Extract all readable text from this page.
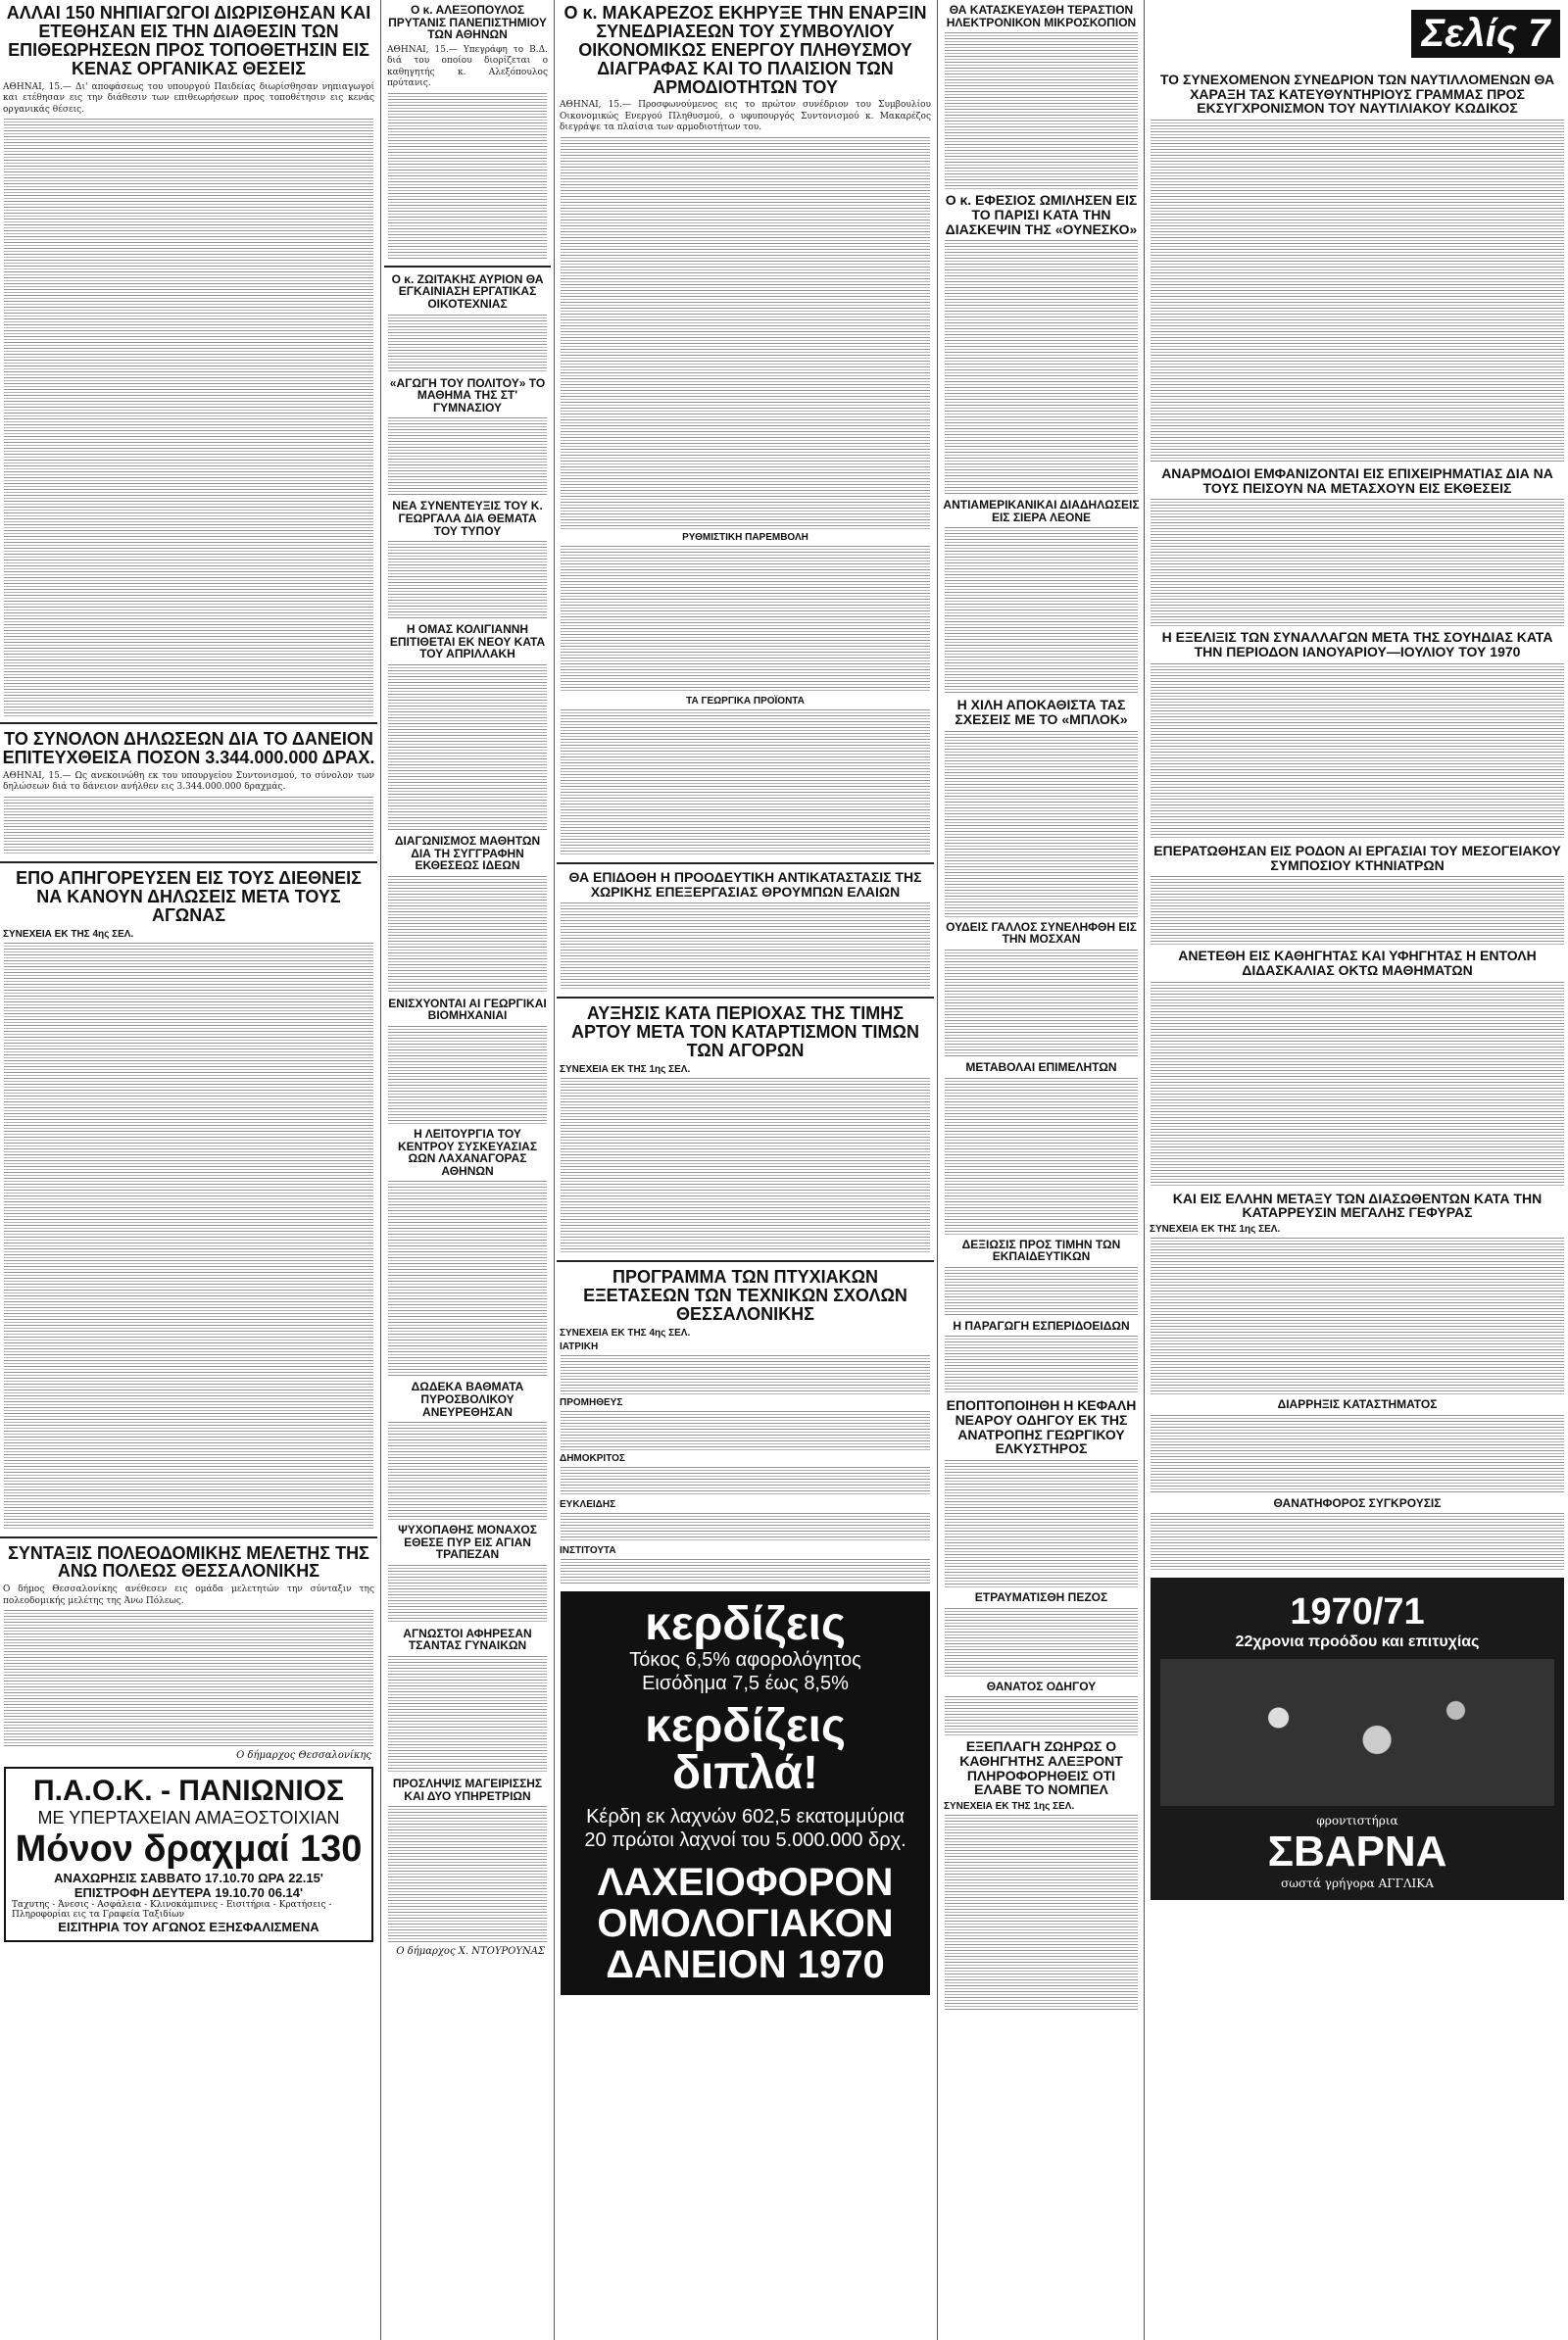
ΑΛΛΑΙ 150 ΝΗΠΙΑΓΩΓΟΙ ΔΙΩΡΙΣΘΗΣΑΝ ΚΑΙ ΕΤΕΘΗΣΑΝ ΕΙΣ ΤΗΝ ΔΙΑΘΕΣΙΝ ΤΩΝ ΕΠΙΘΕΩΡΗΣΕΩΝ ΠΡΟΣ ΤΟΠΟΘΕΤΗΣΙΝ ΕΙΣ ΚΕΝΑΣ ΟΡΓΑΝΙΚΑΣ ΘΕΣΕΙΣ
ΑΘΗΝΑΙ, 15.— Δι' αποφάσεως του υπουργού Παιδείας διωρίσθησαν νηπιαγωγοί και ετέθησαν εις την διάθεσιν των επιθεωρήσεων προς τοποθέτησιν εις κενάς οργανικάς θέσεις.
ΤΟ ΣΥΝΟΛΟΝ ΔΗΛΩΣΕΩΝ ΔΙΑ ΤΟ ΔΑΝΕΙΟΝ ΕΠΙΤΕΥΧΘΕΙΣΑ ΠΟΣΟΝ 3.344.000.000 ΔΡΑΧ.
ΑΘΗΝΑΙ, 15.— Ως ανεκοινώθη εκ του υπουργείου Συντονισμού, το σύνολον των δηλώσεων διά το δάνειον ανήλθεν εις 3.344.000.000 δραχμάς.
ΕΠΟ ΑΠΗΓΟΡΕΥΣΕΝ ΕΙΣ ΤΟΥΣ ΔΙΕΘΝΕΙΣ ΝΑ ΚΑΝΟΥΝ ΔΗΛΩΣΕΙΣ ΜΕΤΑ ΤΟΥΣ ΑΓΩΝΑΣ
ΣΥΝΕΧΕΙΑ ΕΚ ΤΗΣ 4ης ΣΕΛ.
ΣΥΝΤΑΞΙΣ ΠΟΛΕΟΔΟΜΙΚΗΣ ΜΕΛΕΤΗΣ ΤΗΣ ΑΝΩ ΠΟΛΕΩΣ ΘΕΣΣΑΛΟΝΙΚΗΣ
Ο δήμος Θεσσαλονίκης ανέθεσεν εις ομάδα μελετητών την σύνταξιν της πολεοδομικής μελέτης της Άνω Πόλεως.
Ο δήμαρχος Θεσσαλονίκης
Π.Α.Ο.Κ. - ΠΑΝΙΩΝΙΟΣ
ΜΕ ΥΠΕΡΤΑΧΕΙΑΝ ΑΜΑΞΟΣΤΟΙΧΙΑΝ
Μόνον δραχμαί 130
ΑΝΑΧΩΡΗΣΙΣ ΣΑΒΒΑΤΟ 17.10.70 ΩΡΑ 22.15'
ΕΠΙΣΤΡΟΦΗ ΔΕΥΤΕΡΑ 19.10.70 06.14'
Ταχυτης - Άνεσις - Ασφάλεια - Κλινοκάμπινες - Εισιτήρια - Κρατήσεις - Πληροφορίαι εις τα Γραφεία Ταξιδίων
ΕΙΣΙΤΗΡΙΑ ΤΟΥ ΑΓΩΝΟΣ ΕΞΗΣΦΑΛΙΣΜΕΝΑ
Ο κ. ΑΛΕΞΟΠΟΥΛΟΣ ΠΡΥΤΑΝΙΣ ΠΑΝΕΠΙΣΤΗΜΙΟΥ ΤΩΝ ΑΘΗΝΩΝ
ΑΘΗΝΑΙ, 15.— Υπεγράφη το Β.Δ. διά του οποίου διορίζεται ο καθηγητής κ. Αλεξόπουλος πρύτανις.
Ο κ. ΖΩΙΤΑΚΗΣ ΑΥΡΙΟΝ ΘΑ ΕΓΚΑΙΝΙΑΣΗ ΕΡΓΑΤΙΚΑΣ ΟΙΚΟΤΕΧΝΙΑΣ
«ΑΓΩΓΗ ΤΟΥ ΠΟΛΙΤΟΥ» ΤΟ ΜΑΘΗΜΑ ΤΗΣ ΣΤ' ΓΥΜΝΑΣΙΟΥ
ΝΕΑ ΣΥΝΕΝΤΕΥΞΙΣ ΤΟΥ Κ. ΓΕΩΡΓΑΛΑ ΔΙΑ ΘΕΜΑΤΑ ΤΟΥ ΤΥΠΟΥ
Η ΟΜΑΣ ΚΟΛΙΓΙΑΝΝΗ ΕΠΙΤΙΘΕΤΑΙ ΕΚ ΝΕΟΥ ΚΑΤΑ ΤΟΥ ΑΠΡΙΛΛΑΚΗ
ΔΙΑΓΩΝΙΣΜΟΣ ΜΑΘΗΤΩΝ ΔΙΑ ΤΗ ΣΥΓΓΡΑΦΗΝ ΕΚΘΕΣΕΩΣ ΙΔΕΩΝ
ΕΝΙΣΧΥΟΝΤΑΙ ΑΙ ΓΕΩΡΓΙΚΑΙ ΒΙΟΜΗΧΑΝΙΑΙ
Η ΛΕΙΤΟΥΡΓΙΑ ΤΟΥ ΚΕΝΤΡΟΥ ΣΥΣΚΕΥΑΣΙΑΣ ΩΩΝ ΛΑΧΑΝΑΓΟΡΑΣ ΑΘΗΝΩΝ
ΔΩΔΕΚΑ ΒΑΘΜΑΤΑ ΠΥΡΟΣΒΟΛΙΚΟΥ ΑΝΕΥΡΕΘΗΣΑΝ
ΨΥΧΟΠΑΘΗΣ ΜΟΝΑΧΟΣ ΕΘΕΣΕ ΠΥΡ ΕΙΣ ΑΓΙΑΝ ΤΡΑΠΕΖΑΝ
ΑΓΝΩΣΤΟΙ ΑΦΗΡΕΣΑΝ ΤΣΑΝΤΑΣ ΓΥΝΑΙΚΩΝ
ΠΡΟΣΛΗΨΙΣ ΜΑΓΕΙΡΙΣΣΗΣ ΚΑΙ ΔΥΟ ΥΠΗΡΕΤΡΙΩΝ
Ο δήμαρχος Χ. ΝΤΟΥΡΟΥΝΑΣ
Ο κ. ΜΑΚΑΡΕΖΟΣ ΕΚΗΡΥΞΕ ΤΗΝ ΕΝΑΡΞΙΝ ΣΥΝΕΔΡΙΑΣΕΩΝ ΤΟΥ ΣΥΜΒΟΥΛΙΟΥ ΟΙΚΟΝΟΜΙΚΩΣ ΕΝΕΡΓΟΥ ΠΛΗΘΥΣΜΟΥ ΔΙΑΓΡΑΦΑΣ ΚΑΙ ΤΟ ΠΛΑΙΣΙΟΝ ΤΩΝ ΑΡΜΟΔΙΟΤΗΤΩΝ ΤΟΥ
ΑΘΗΝΑΙ, 15.— Προσφωνούμενος εις το πρώτον συνέδριον του Συμβουλίου Οικονομικώς Ενεργού Πληθυσμού, ο υφυπουργός Συντονισμού κ. Μακαρέζος διεγράψε τα πλαίσια των αρμοδιοτήτων του.
ΡΥΘΜΙΣΤΙΚΗ ΠΑΡΕΜΒΟΛΗ
ΤΑ ΓΕΩΡΓΙΚΑ ΠΡΟΪΟΝΤΑ
ΘΑ ΕΠΙΔΟΘΗ Η ΠΡΟΟΔΕΥΤΙΚΗ ΑΝΤΙΚΑΤΑΣΤΑΣΙΣ ΤΗΣ ΧΩΡΙΚΗΣ ΕΠΕΞΕΡΓΑΣΙΑΣ ΘΡΟΥΜΠΩΝ ΕΛΑΙΩΝ
ΑΥΞΗΣΙΣ ΚΑΤΑ ΠΕΡΙΟΧΑΣ ΤΗΣ ΤΙΜΗΣ ΑΡΤΟΥ ΜΕΤΑ ΤΟΝ ΚΑΤΑΡΤΙΣΜΟΝ ΤΙΜΩΝ ΤΩΝ ΑΓΟΡΩΝ
ΣΥΝΕΧΕΙΑ ΕΚ ΤΗΣ 1ης ΣΕΛ.
ΠΡΟΓΡΑΜΜΑ ΤΩΝ ΠΤΥΧΙΑΚΩΝ ΕΞΕΤΑΣΕΩΝ ΤΩΝ ΤΕΧΝΙΚΩΝ ΣΧΟΛΩΝ ΘΕΣΣΑΛΟΝΙΚΗΣ
ΣΥΝΕΧΕΙΑ ΕΚ ΤΗΣ 4ης ΣΕΛ.
ΙΑΤΡΙΚΗ
ΠΡΟΜΗΘΕΥΣ
ΔΗΜΟΚΡΙΤΟΣ
ΕΥΚΛΕΙΔΗΣ
ΙΝΣΤΙΤΟΥΤΑ
κερδίζεις
Τόκος 6,5% αφορολόγητος
Εισόδημα 7,5 έως 8,5%
κερδίζεις διπλά!
Κέρδη εκ λαχνών 602,5 εκατομμύρια
20 πρώτοι λαχνοί του 5.000.000 δρχ.
ΛΑΧΕΙΟΦΟΡΟΝ ΟΜΟΛΟΓΙΑΚΟΝ ΔΑΝΕΙΟΝ 1970
ΘΑ ΚΑΤΑΣΚΕΥΑΣΘΗ ΤΕΡΑΣΤΙΟΝ ΗΛΕΚΤΡΟΝΙΚΟΝ ΜΙΚΡΟΣΚΟΠΙΟΝ
Ο κ. ΕΦΕΣΙΟΣ ΩΜΙΛΗΣΕΝ ΕΙΣ ΤΟ ΠΑΡΙΣΙ ΚΑΤΑ ΤΗΝ ΔΙΑΣΚΕΨΙΝ ΤΗΣ «ΟΥΝΕΣΚΟ»
ΑΝΤΙΑΜΕΡΙΚΑΝΙΚΑΙ ΔΙΑΔΗΛΩΣΕΙΣ ΕΙΣ ΣΙΕΡΑ ΛΕΟΝΕ
Η ΧΙΛΗ ΑΠΟΚΑΘΙΣΤΑ ΤΑΣ ΣΧΕΣΕΙΣ ΜΕ ΤΟ «ΜΠΛΟΚ»
ΟΥΔΕΙΣ ΓΑΛΛΟΣ ΣΥΝΕΛΗΦΘΗ ΕΙΣ ΤΗΝ ΜΟΣΧΑΝ
ΜΕΤΑΒΟΛΑΙ ΕΠΙΜΕΛΗΤΩΝ
ΔΕΞΙΩΣΙΣ ΠΡΟΣ ΤΙΜΗΝ ΤΩΝ ΕΚΠΑΙΔΕΥΤΙΚΩΝ
Η ΠΑΡΑΓΩΓΗ ΕΣΠΕΡΙΔΟΕΙΔΩΝ
ΕΠΟΠΤΟΠΟΙΗΘΗ Η ΚΕΦΑΛΗ ΝΕΑΡΟΥ ΟΔΗΓΟΥ ΕΚ ΤΗΣ ΑΝΑΤΡΟΠΗΣ ΓΕΩΡΓΙΚΟΥ ΕΛΚΥΣΤΗΡΟΣ
ΕΤΡΑΥΜΑΤΙΣΘΗ ΠΕΖΟΣ
ΘΑΝΑΤΟΣ ΟΔΗΓΟΥ
ΕΞΕΠΛΑΓΗ ΖΩΗΡΩΣ Ο ΚΑΘΗΓΗΤΗΣ ΑΛΕΞΡΟΝΤ ΠΛΗΡΟΦΟΡΗΘΕΙΣ ΟΤΙ ΕΛΑΒΕ ΤΟ ΝΟΜΠΕΛ
ΣΥΝΕΧΕΙΑ ΕΚ ΤΗΣ 1ης ΣΕΛ.
Σελίς 7
ΤΟ ΣΥΝΕΧΟΜΕΝΟΝ ΣΥΝΕΔΡΙΟΝ ΤΩΝ ΝΑΥΤΙΛΛΟΜΕΝΩΝ ΘΑ ΧΑΡΑΞΗ ΤΑΣ ΚΑΤΕΥΘΥΝΤΗΡΙΟΥΣ ΓΡΑΜΜΑΣ ΠΡΟΣ ΕΚΣΥΓΧΡΟΝΙΣΜΟΝ ΤΟΥ ΝΑΥΤΙΛΙΑΚΟΥ ΚΩΔΙΚΟΣ
ΑΝΑΡΜΟΔΙΟΙ ΕΜΦΑΝΙΖΟΝΤΑΙ ΕΙΣ ΕΠΙΧΕΙΡΗΜΑΤΙΑΣ ΔΙΑ ΝΑ ΤΟΥΣ ΠΕΙΣΟΥΝ ΝΑ ΜΕΤΑΣΧΟΥΝ ΕΙΣ ΕΚΘΕΣΕΙΣ
Η ΕΞΕΛΙΞΙΣ ΤΩΝ ΣΥΝΑΛΛΑΓΩΝ ΜΕΤΑ ΤΗΣ ΣΟΥΗΔΙΑΣ ΚΑΤΑ ΤΗΝ ΠΕΡΙΟΔΟΝ ΙΑΝΟΥΑΡΙΟΥ—ΙΟΥΛΙΟΥ ΤΟΥ 1970
ΕΠΕΡΑΤΩΘΗΣΑΝ ΕΙΣ ΡΟΔΟΝ ΑΙ ΕΡΓΑΣΙΑΙ ΤΟΥ ΜΕΣΟΓΕΙΑΚΟΥ ΣΥΜΠΟΣΙΟΥ ΚΤΗΝΙΑΤΡΩΝ
ΑΝΕΤΕΘΗ ΕΙΣ ΚΑΘΗΓΗΤΑΣ ΚΑΙ ΥΦΗΓΗΤΑΣ Η ΕΝΤΟΛΗ ΔΙΔΑΣΚΑΛΙΑΣ ΟΚΤΩ ΜΑΘΗΜΑΤΩΝ
ΚΑΙ ΕΙΣ ΕΛΛΗΝ ΜΕΤΑΞΥ ΤΩΝ ΔΙΑΣΩΘΕΝΤΩΝ ΚΑΤΑ ΤΗΝ ΚΑΤΑΡΡΕΥΣΙΝ ΜΕΓΑΛΗΣ ΓΕΦΥΡΑΣ
ΣΥΝΕΧΕΙΑ ΕΚ ΤΗΣ 1ης ΣΕΛ.
ΔΙΑΡΡΗΞΙΣ ΚΑΤΑΣΤΗΜΑΤΟΣ
ΘΑΝΑΤΗΦΟΡΟΣ ΣΥΓΚΡΟΥΣΙΣ
1970/71
22χρονια προόδου και επιτυχίας
φροντιστήρια
ΣΒΑΡΝΑ
σωστά γρήγορα ΑΓΓΛΙΚΑ
